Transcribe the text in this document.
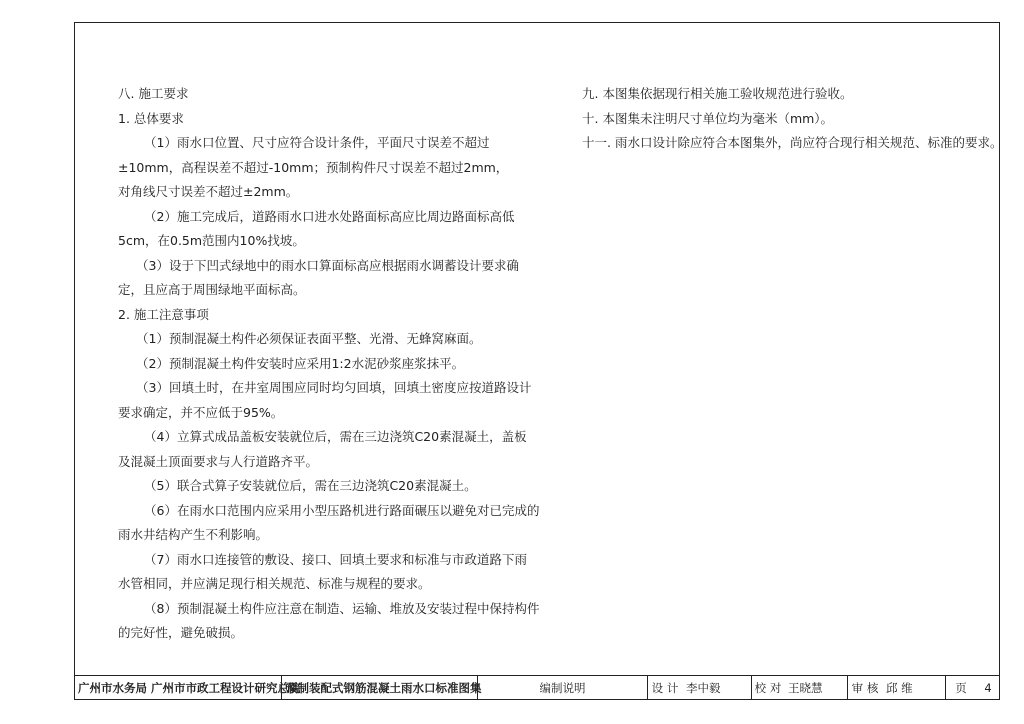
八. 施工要求

1. 总体要求

（1）雨水口位置、尺寸应符合设计条件，平面尺寸误差不超过

±10mm，高程误差不超过-10mm；预制构件尺寸误差不超过2mm，

对角线尺寸误差不超过±2mm。

（2）施工完成后，道路雨水口进水处路面标高应比周边路面标高低

5cm，在0.5m范围内10%找坡。

（3）设于下凹式绿地中的雨水口算面标高应根据雨水调蓄设计要求确

定，且应高于周围绿地平面标高。

2. 施工注意事项

（1）预制混凝土构件必须保证表面平整、光滑、无蜂窝麻面。

（2）预制混凝土构件安装时应采用1:2水泥砂浆座浆抹平。

（3）回填土时，在井室周围应同时均匀回填，回填土密度应按道路设计

要求确定，并不应低于95%。

（4）立算式成品盖板安装就位后，需在三边浇筑C20素混凝土，盖板

及混凝土顶面要求与人行道路齐平。

（5）联合式算子安装就位后，需在三边浇筑C20素混凝土。

（6）在雨水口范围内应采用小型压路机进行路面碾压以避免对已完成的

雨水井结构产生不利影响。

（7）雨水口连接管的敷设、接口、回填土要求和标准与市政道路下雨

水管相同，并应满足现行相关规范、标准与规程的要求。

（8）预制混凝土构件应注意在制造、运输、堆放及安装过程中保持构件

的完好性，避免破损。

九. 本图集依据现行相关施工验收规范进行验收。

十. 本图集未注明尺寸单位均为毫米（mm）。

十一. 雨水口设计除应符合本图集外，尚应符合现行相关规范、标准的要求。

广州市水务局 广州市市政工程设计研究总院
预制装配式钢筋混凝土雨水口标准图集	编制说明	设 计 李中毅	校 对 王晓慧	审 核 邱 维	页	4
